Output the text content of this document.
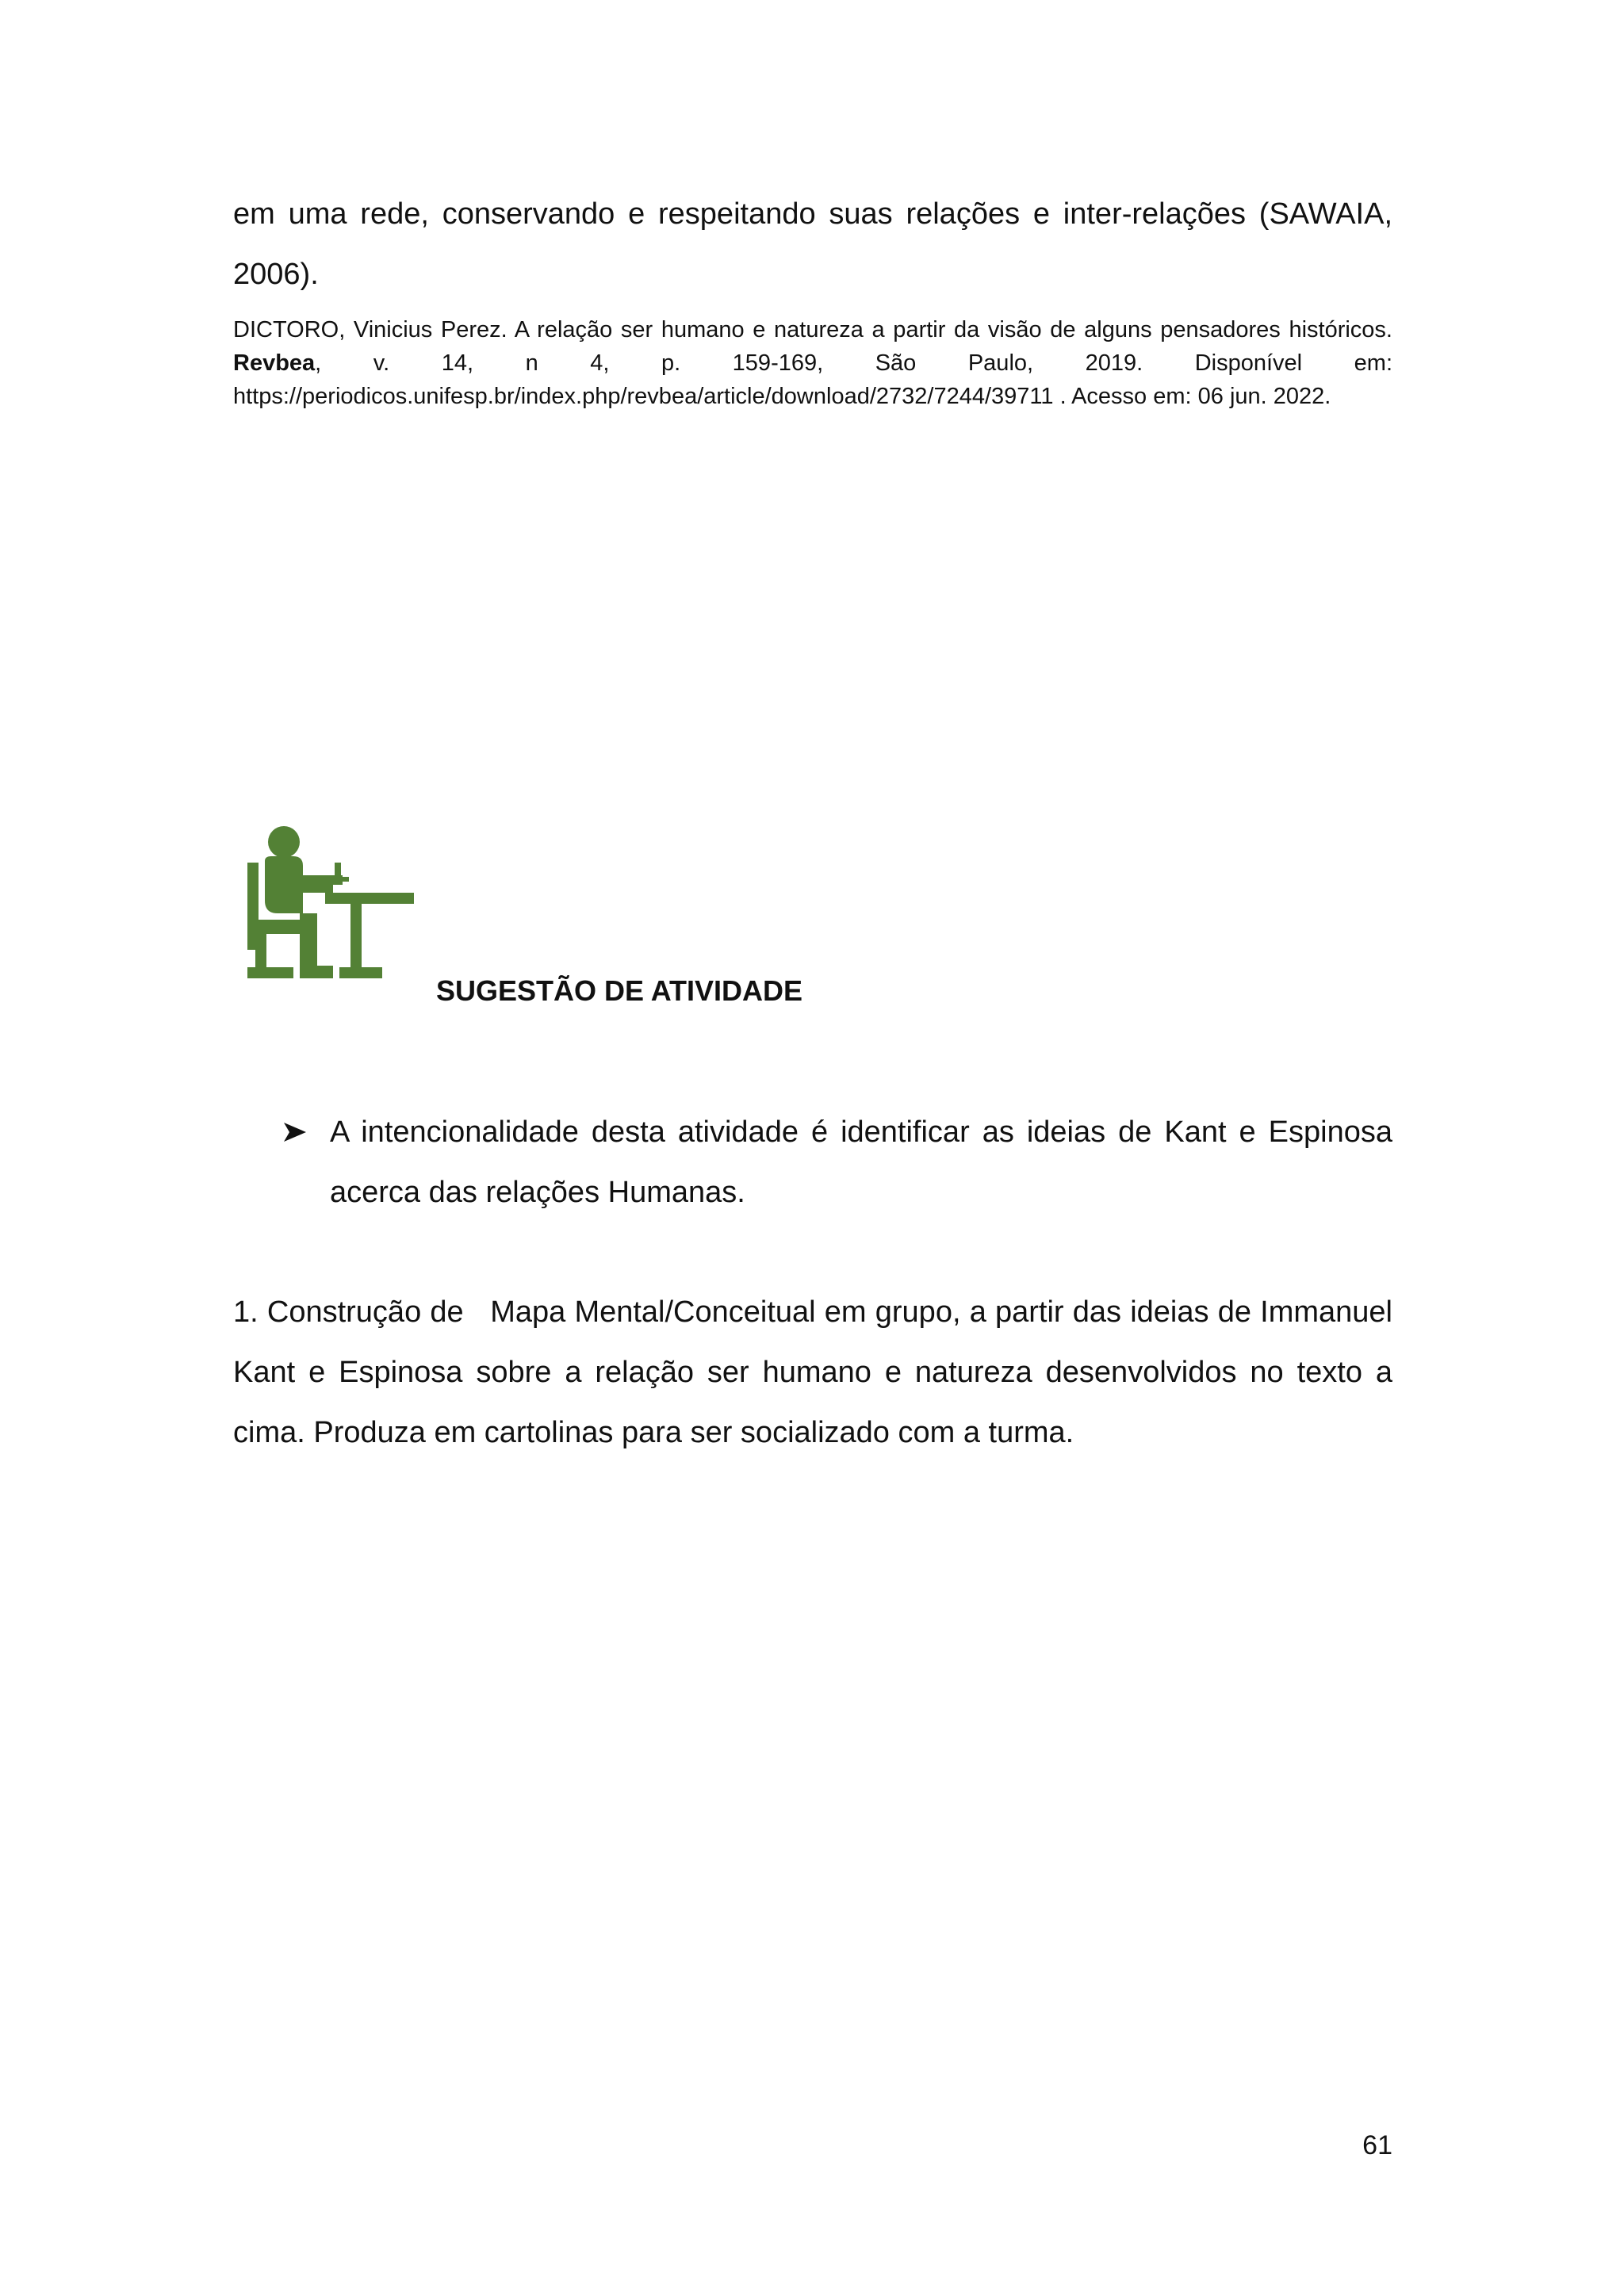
em uma rede, conservando e respeitando suas relações e inter-relações (SAWAIA, 2006).

DICTORO, Vinicius Perez. A relação ser humano e natureza a partir da visão de alguns pensadores históricos. Revbea, v. 14, n 4, p. 159-169, São Paulo, 2019. Disponível em: https://periodicos.unifesp.br/index.php/revbea/article/download/2732/7244/39711 . Acesso em: 06 jun. 2022.

SUGESTÃO DE ATIVIDADE

A intencionalidade desta atividade é identificar as ideias de Kant e Espinosa acerca das relações Humanas.

1. Construção de   Mapa Mental/Conceitual em grupo, a partir das ideias de Immanuel Kant e Espinosa sobre a relação ser humano e natureza desenvolvidos no texto a cima. Produza em cartolinas para ser socializado com a turma.

61
